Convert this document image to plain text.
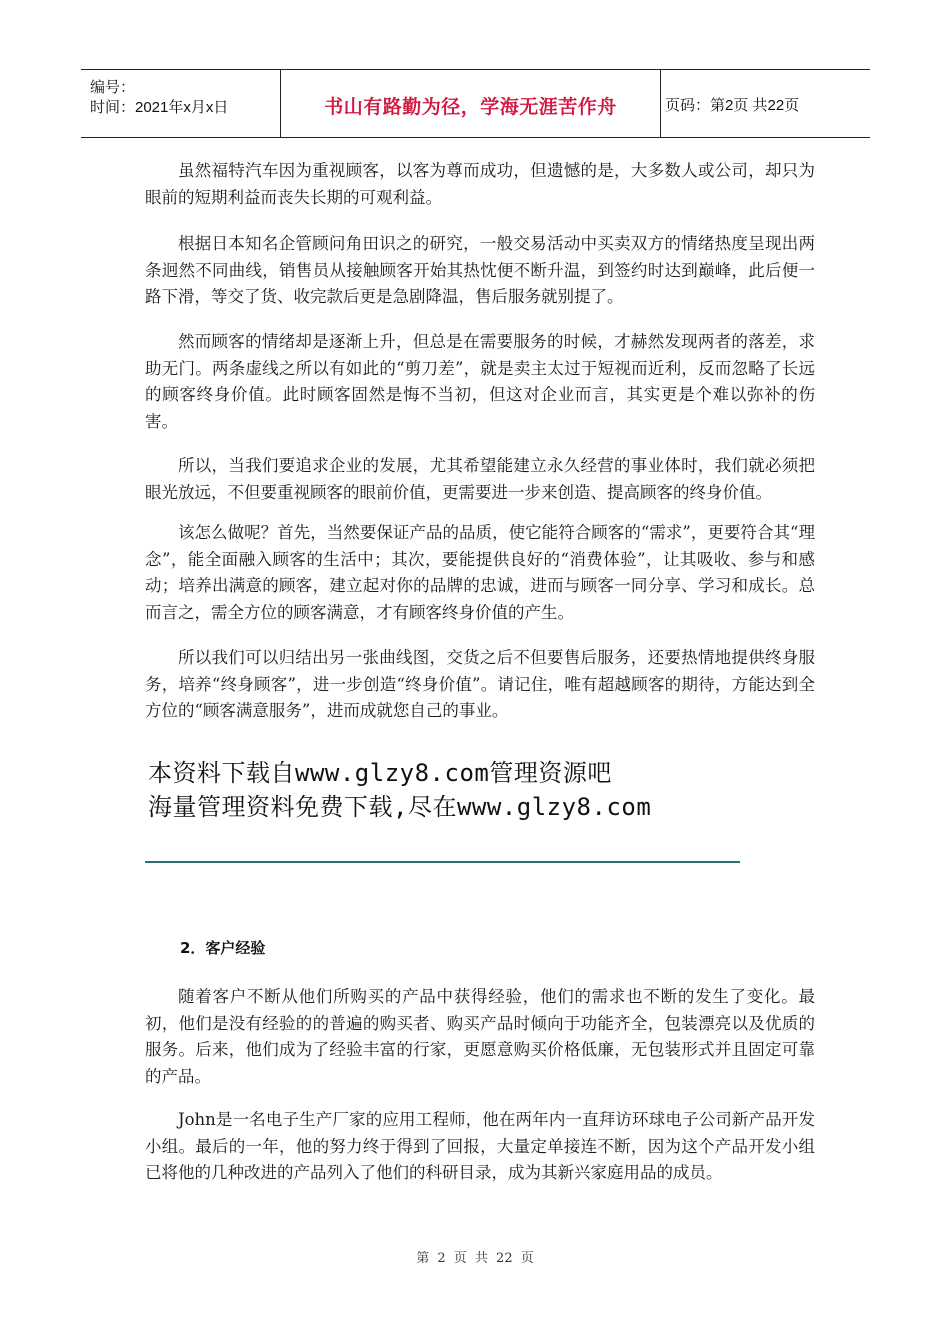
编号：
时间：2021年x月x日	书山有路勤为径，学海无涯苦作舟	页码：第2页 共22页

虽然福特汽车因为重视顾客，以客为尊而成功，但遗憾的是，大多数人或公司，却只为眼前的短期利益而丧失长期的可观利益。

根据日本知名企管顾问角田识之的研究，一般交易活动中买卖双方的情绪热度呈现出两条迥然不同曲线，销售员从接触顾客开始其热忱便不断升温，到签约时达到巅峰，此后便一路下滑，等交了货、收完款后更是急剧降温，售后服务就别提了。

然而顾客的情绪却是逐渐上升，但总是在需要服务的时候，才赫然发现两者的落差，求助无门。两条虚线之所以有如此的“剪刀差”，就是卖主太过于短视而近利，反而忽略了长远的顾客终身价值。此时顾客固然是悔不当初，但这对企业而言，其实更是个难以弥补的伤害。

所以，当我们要追求企业的发展，尤其希望能建立永久经营的事业体时，我们就必须把眼光放远，不但要重视顾客的眼前价值，更需要进一步来创造、提高顾客的终身价值。

该怎么做呢？首先，当然要保证产品的品质，使它能符合顾客的“需求”，更要符合其“理念”，能全面融入顾客的生活中；其次，要能提供良好的“消费体验”，让其吸收、参与和感动；培养出满意的顾客，建立起对你的品牌的忠诚，进而与顾客一同分享、学习和成长。总而言之，需全方位的顾客满意，才有顾客终身价值的产生。

所以我们可以归结出另一张曲线图，交货之后不但要售后服务，还要热情地提供终身服务，培养“终身顾客”，进一步创造“终身价值”。请记住，唯有超越顾客的期待，方能达到全方位的“顾客满意服务”，进而成就您自己的事业。

本资料下载自www.glzy8.com管理资源吧
海量管理资料免费下载,尽在www.glzy8.com
2．客户经验

随着客户不断从他们所购买的产品中获得经验，他们的需求也不断的发生了变化。最初，他们是没有经验的的普遍的购买者、购买产品时倾向于功能齐全，包装漂亮以及优质的服务。后来，他们成为了经验丰富的行家，更愿意购买价格低廉，无包装形式并且固定可靠的产品。

John是一名电子生产厂家的应用工程师，他在两年内一直拜访环球电子公司新产品开发小组。最后的一年，他的努力终于得到了回报，大量定单接连不断，因为这个产品开发小组已将他的几种改进的产品列入了他们的科研目录，成为其新兴家庭用品的成员。

第 2 页 共 22 页
